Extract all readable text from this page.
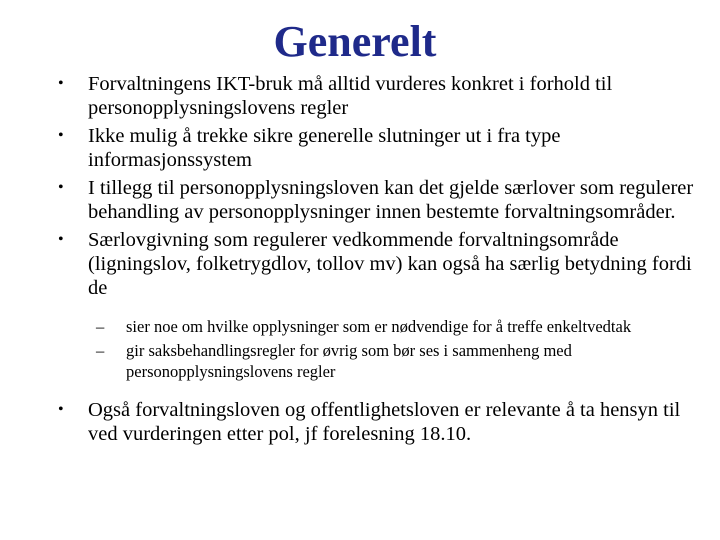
Generelt
• Forvaltningens IKT-bruk må alltid vurderes konkret i forhold til personopplysningslovens regler
• Ikke mulig å trekke sikre generelle slutninger ut i fra type informasjonssystem
• I tillegg til personopplysningsloven kan det gjelde særlover som regulerer behandling av personopplysninger innen bestemte forvaltningsområder.
• Særlovgivning som regulerer vedkommende forvaltningsområde (ligningslov, folketrygdlov, tollov mv) kan også ha særlig betydning fordi de
– sier noe om hvilke opplysninger som er nødvendige for å treffe enkeltvedtak
– gir saksbehandlingsregler for øvrig som bør ses i sammenheng med personopplysningslovens regler
• Også forvaltningsloven og offentlighetsloven er relevante å ta hensyn til ved vurderingen etter pol, jf forelesning 18.10.
